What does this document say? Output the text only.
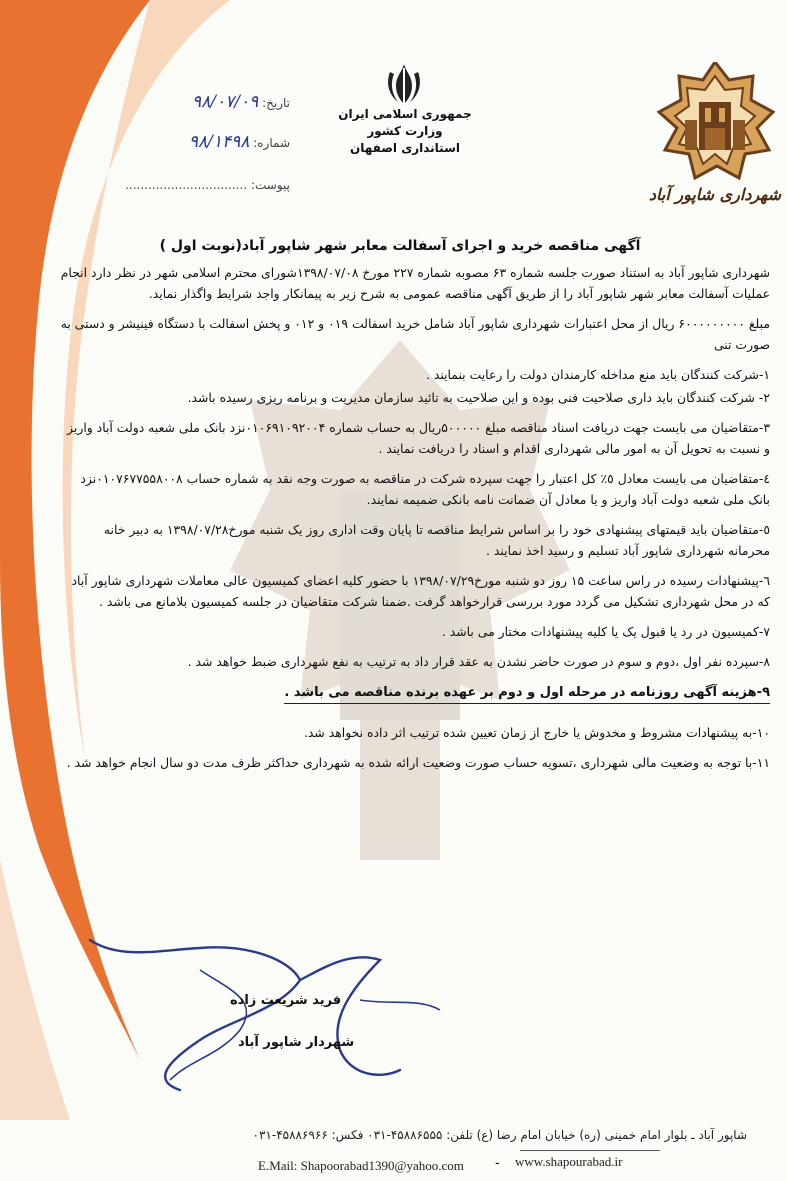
جمهوری اسلامی ایران
وزارت کشور
استانداری اصفهان
تاریخ: ۹۸/۰۷/۰۹
شماره: ۹۸/۱۴۹۸
پیوست: ................................	شهرداری شاپور آباد
آگهی مناقصه خرید و اجرای آسفالت معابر شهر شاپور آباد(نوبت اول )

شهرداری شاپور آباد به استناد صورت جلسه شماره ۶۳ مصوبه شماره ۲۲۷ مورخ ۱۳۹۸/۰۷/۰۸شورای محترم اسلامی شهر در نظر دارد انجام عملیات آسفالت معابر شهر شاپور آباد را از طریق آگهی مناقصه عمومی به شرح زیر به پیمانکار واجد شرایط واگذار نماید.

مبلغ ۶۰۰۰۰۰۰۰۰۰ ریال از محل اعتبارات شهرداری شاپور آباد شامل خرید اسفالت ۰۱۹ و ۰۱۲ و پخش اسفالت با دستگاه فینیشر و دستی به صورت تنی

۱-شرکت کنندگان باید منع مداخله کارمندان دولت را رعایت بنمایند .

۲- شرکت کنندگان باید داری صلاحیت فنی بوده و این صلاحیت به تائید سازمان مدیریت و برنامه ریزی رسیده باشد.

۳-متقاضیان می بایست جهت دریافت اسناد مناقصه مبلغ ۵۰۰۰۰۰ریال به حساب شماره ۰۱۰۶۹۱۰۹۲۰۰۴نزد بانک ملی شعبه دولت آباد واریز و نسبت به تحویل آن به امور مالی شهرداری اقدام و اسناد را دریافت نمایند .

٤-متقاضیان می بایست معادل ٥٪ کل اعتبار را جهت سپرده شرکت در مناقصه به صورت وجه نقد به شماره حساب ۰۱۰۷۶۷۷۵۵۸۰۰۸نزد بانک ملی شعبه دولت آباد واریز و یا معادل آن ضمانت نامه بانکی ضمیمه نمایند.

٥-متقاضیان باید قیمتهای پیشنهادی خود را بر اساس شرایط مناقصه تا پایان وقت اداری روز یک شنبه مورخ۱۳۹۸/۰۷/۲۸ به دبیر خانه محرمانه شهرداری شاپور آباد تسلیم و رسید اخذ نمایند .

٦-پیشنهادات رسیده در راس ساعت ۱۵ روز دو شنبه مورخ۱۳۹۸/۰۷/۲۹ با حضور کلیه اعضای کمیسیون عالی معاملات شهرداری شاپور آباد که در محل شهرداری تشکیل می گردد مورد بررسی قرارخواهد گرفت .ضمنا شرکت متقاضیان در جلسه کمیسیون بلامانع می باشد .

۷-کمیسیون در رد یا قبول یک یا کلیه پیشنهادات مختار می باشد .

۸-سپرده نفر اول ،دوم و سوم در صورت حاضر نشدن به عقد قرار داد به ترتیب به نفع شهرداری ضبط خواهد شد .

۹-هزینه آگهی روزنامه در مرحله اول و دوم بر عهده برنده مناقصه می باشد .

۱۰-به پیشنهادات مشروط و مخدوش یا خارج از زمان تعیین شده ترتیب اثر داده نخواهد شد.

۱۱-با توجه به وضعیت مالی شهرداری ،تسویه حساب صورت وضعیت ارائه شده به شهرداری حداکثر ظرف مدت دو سال انجام خواهد شد .

فرید شریعت زاده
شهردار شاپور آباد
شاپور آباد ـ بلوار امام خمینی (ره) خیابان امام رضا (ع) تلفن: ۴۵۸۸۶۵۵۵-۰۳۱ فکس: ۴۵۸۸۶۹۶۶-۰۳۱
E.Mail: Shapoorabad1390@yahoo.com - www.shapourabad.ir
